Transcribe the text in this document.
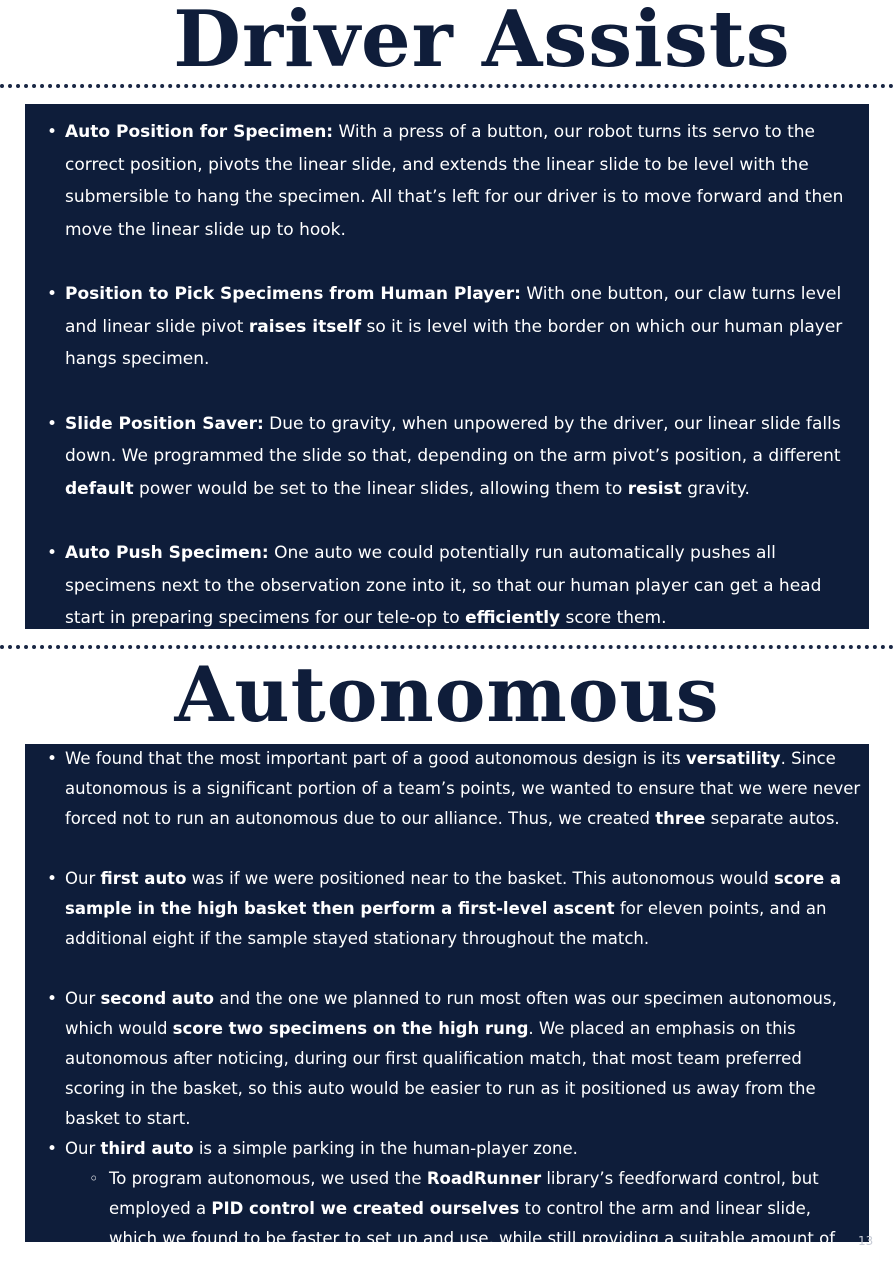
Driver Assists
• Auto Position for Specimen: With a press of a button, our robot turns its servo to the correct position, pivots the linear slide, and extends the linear slide to be level with the submersible to hang the specimen. All that’s left for our driver is to move forward and then move the linear slide up to hook.
• Position to Pick Specimens from Human Player: With one button, our claw turns level and linear slide pivot raises itself so it is level with the border on which our human player hangs specimen.
• Slide Position Saver: Due to gravity, when unpowered by the driver, our linear slide falls down. We programmed the slide so that, depending on the arm pivot’s position, a different default power would be set to the linear slides, allowing them to resist gravity.
• Auto Push Specimen: One auto we could potentially run automatically pushes all specimens next to the observation zone into it, so that our human player can get a head start in preparing specimens for our tele-op to efficiently score them.
Autonomous
• We found that the most important part of a good autonomous design is its versatility. Since autonomous is a significant portion of a team’s points, we wanted to ensure that we were never forced not to run an autonomous due to our alliance. Thus, we created three separate autos.
• Our first auto was if we were positioned near to the basket. This autonomous would score a sample in the high basket then perform a first-level ascent for eleven points, and an additional eight if the sample stayed stationary throughout the match.
• Our second auto and the one we planned to run most often was our specimen autonomous, which would score two specimens on the high rung. We placed an emphasis on this autonomous after noticing, during our first qualification match, that most team preferred scoring in the basket, so this auto would be easier to run as it positioned us away from the basket to start.
• Our third auto is a simple parking in the human-player zone.
◦ To program autonomous, we used the RoadRunner library’s feedforward control, but employed a PID control we created ourselves to control the arm and linear slide, which we found to be faster to set up and use, while still providing a suitable amount of accuracy.
13
